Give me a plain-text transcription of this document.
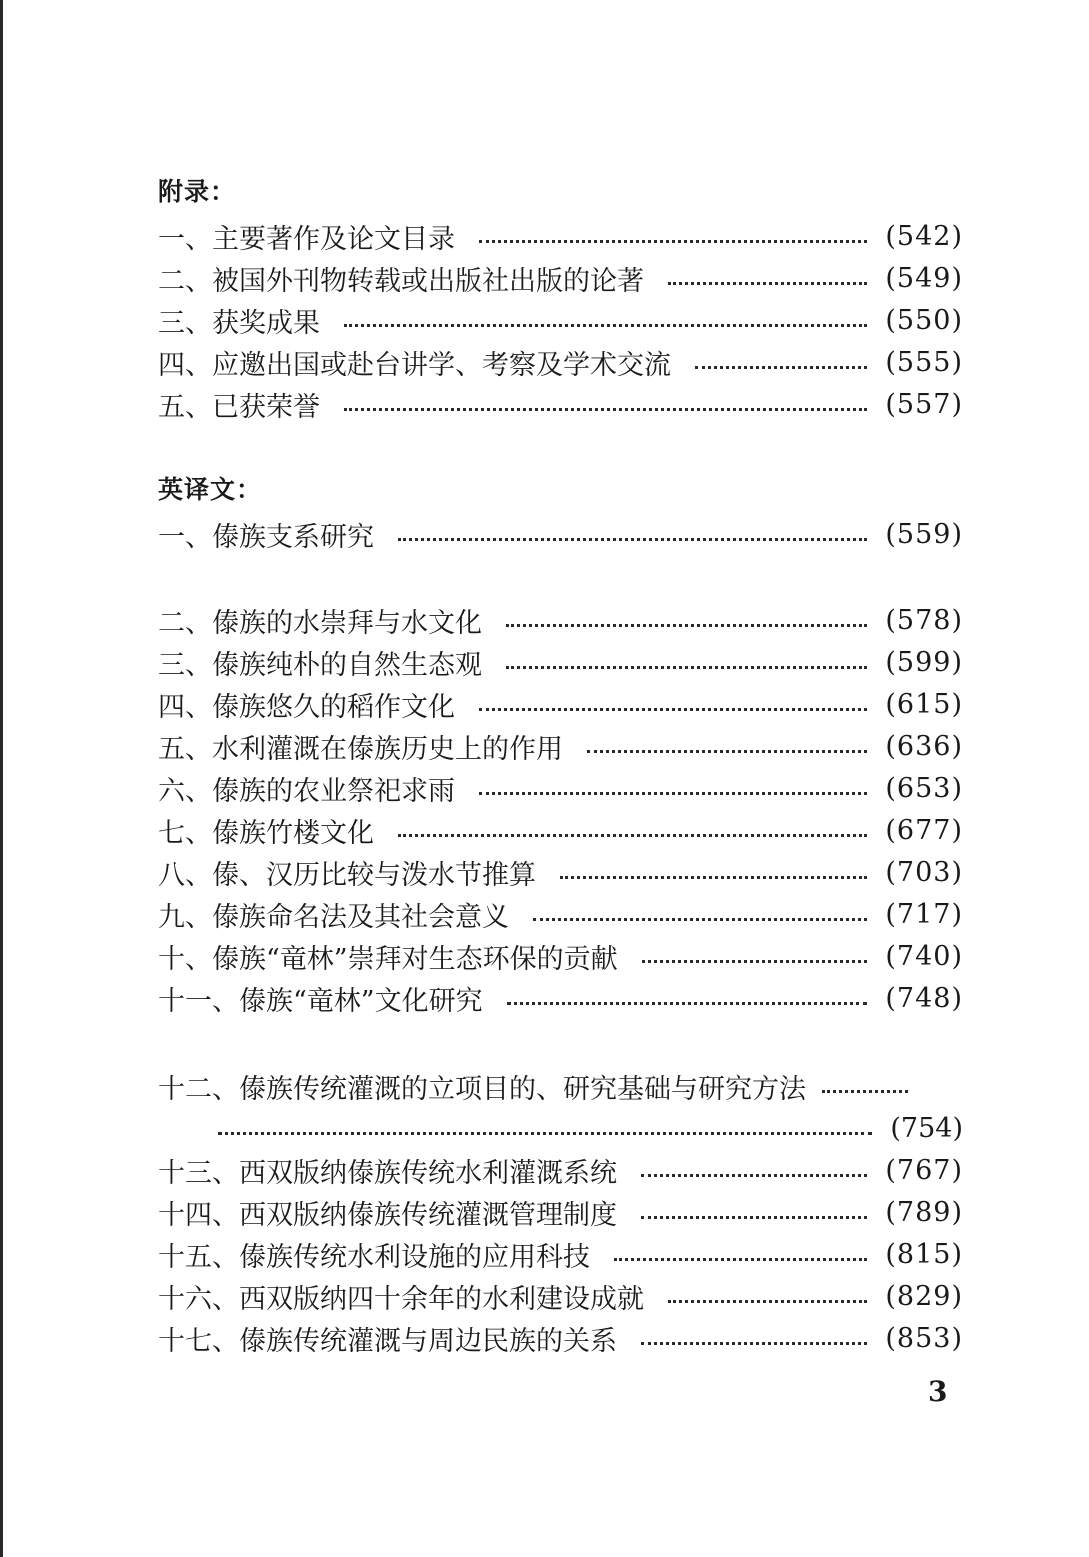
附录：
一、主要著作及论文目录	(542)
二、被国外刊物转载或出版社出版的论著	(549)
三、获奖成果	(550)
四、应邀出国或赴台讲学、考察及学术交流	(555)
五、已获荣誉	(557)
英译文：
一、傣族支系研究	(559)
二、傣族的水崇拜与水文化	(578)
三、傣族纯朴的自然生态观	(599)
四、傣族悠久的稻作文化	(615)
五、水利灌溉在傣族历史上的作用	(636)
六、傣族的农业祭祀求雨	(653)
七、傣族竹楼文化	(677)
八、傣、汉历比较与泼水节推算	(703)
九、傣族命名法及其社会意义	(717)
十、傣族“竜林”崇拜对生态环保的贡献	(740)
十一、傣族“竜林”文化研究	(748)
十二、傣族传统灌溉的立项目的、研究基础与研究方法
(754)
十三、西双版纳傣族传统水利灌溉系统	(767)
十四、西双版纳傣族传统灌溉管理制度	(789)
十五、傣族传统水利设施的应用科技	(815)
十六、西双版纳四十余年的水利建设成就	(829)
十七、傣族传统灌溉与周边民族的关系	(853)
3
